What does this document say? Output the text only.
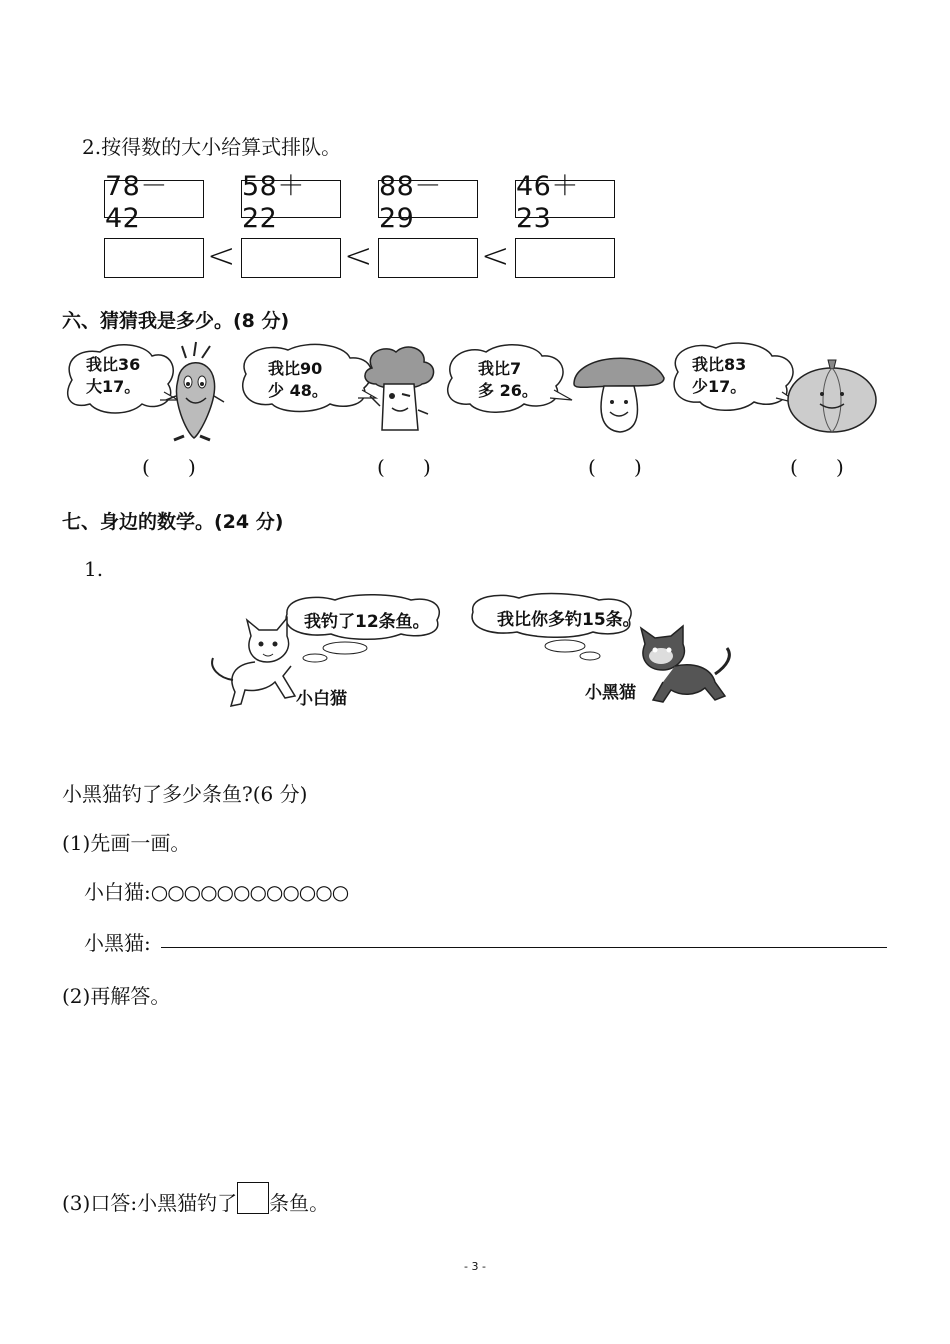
2.按得数的大小给算式排队。
78－42
58＋22
88－29
46＋23
<	<	<
六、猜猜我是多少。(8 分)
我比36
大17。
我比90
少 48。
我比7
多 26。
我比83
少17。
(      )	(      )	(      )	(      )
七、身边的数学。(24 分)
1.
我钓了12条鱼。	我比你多钓15条。
小白猫	小黑猫
小黑猫钓了多少条鱼?(6 分)
(1)先画一画。
小白猫:○○○○○○○○○○○○
小黑猫:
(2)再解答。
(3)口答:小黑猫钓了 条鱼。
- 3 -
